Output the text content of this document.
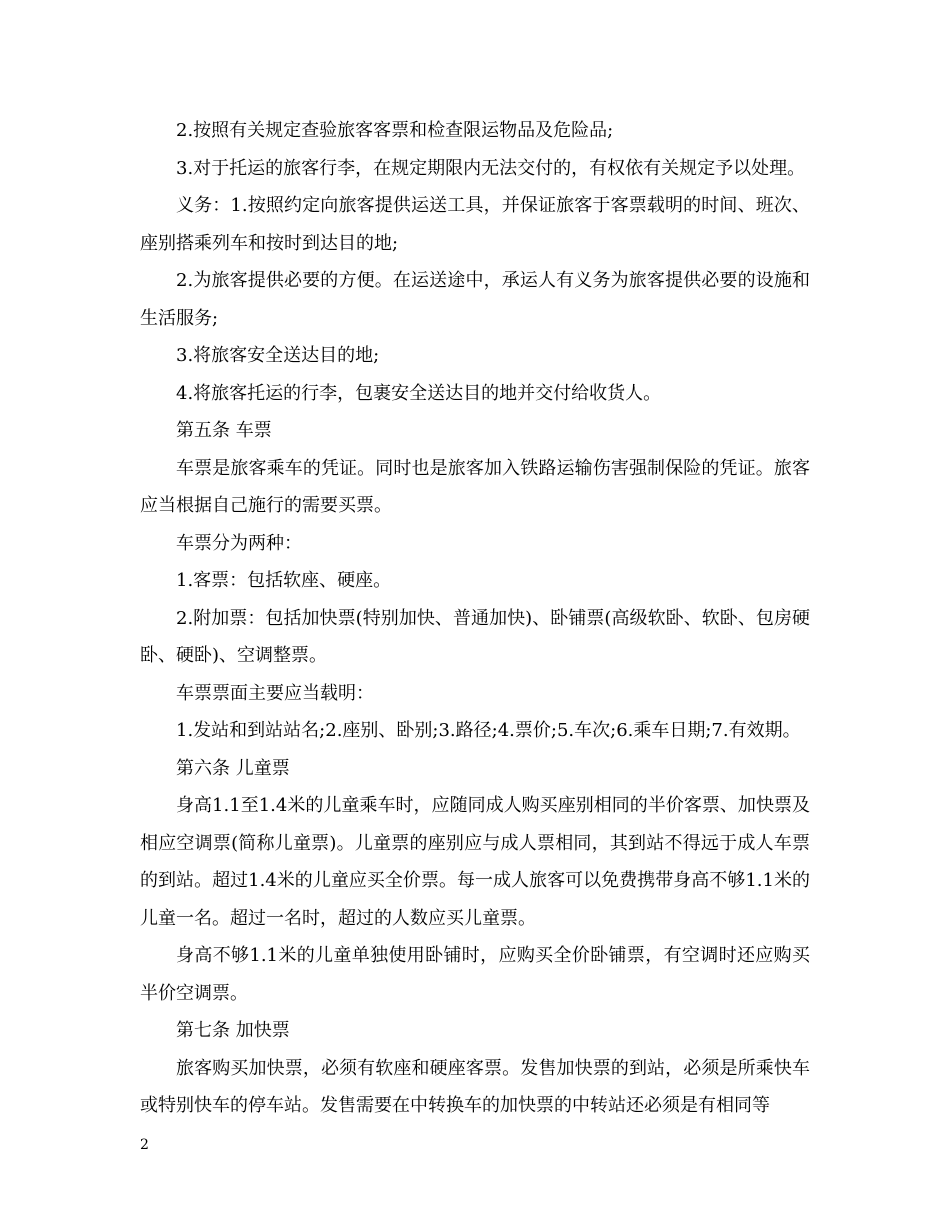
2.按照有关规定查验旅客客票和检查限运物品及危险品;

3.对于托运的旅客行李，在规定期限内无法交付的，有权依有关规定予以处理。

义务：1.按照约定向旅客提供运送工具，并保证旅客于客票载明的时间、班次、座别搭乘列车和按时到达目的地;

2.为旅客提供必要的方便。在运送途中，承运人有义务为旅客提供必要的设施和生活服务;

3.将旅客安全送达目的地;

4.将旅客托运的行李，包裹安全送达目的地并交付给收货人。

第五条 车票

车票是旅客乘车的凭证。同时也是旅客加入铁路运输伤害强制保险的凭证。旅客应当根据自己施行的需要买票。

车票分为两种：

1.客票：包括软座、硬座。

2.附加票：包括加快票(特别加快、普通加快)、卧铺票(高级软卧、软卧、包房硬卧、硬卧)、空调整票。

车票票面主要应当载明：

1.发站和到站站名;2.座别、卧别;3.路径;4.票价;5.车次;6.乘车日期;7.有效期。

第六条 儿童票

身高1.1至1.4米的儿童乘车时，应随同成人购买座别相同的半价客票、加快票及相应空调票(简称儿童票)。儿童票的座别应与成人票相同，其到站不得远于成人车票的到站。超过1.4米的儿童应买全价票。每一成人旅客可以免费携带身高不够1.1米的儿童一名。超过一名时，超过的人数应买儿童票。

身高不够1.1米的儿童单独使用卧铺时，应购买全价卧铺票，有空调时还应购买半价空调票。

第七条 加快票

旅客购买加快票，必须有软座和硬座客票。发售加快票的到站，必须是所乘快车或特别快车的停车站。发售需要在中转换车的加快票的中转站还必须是有相同等

2
